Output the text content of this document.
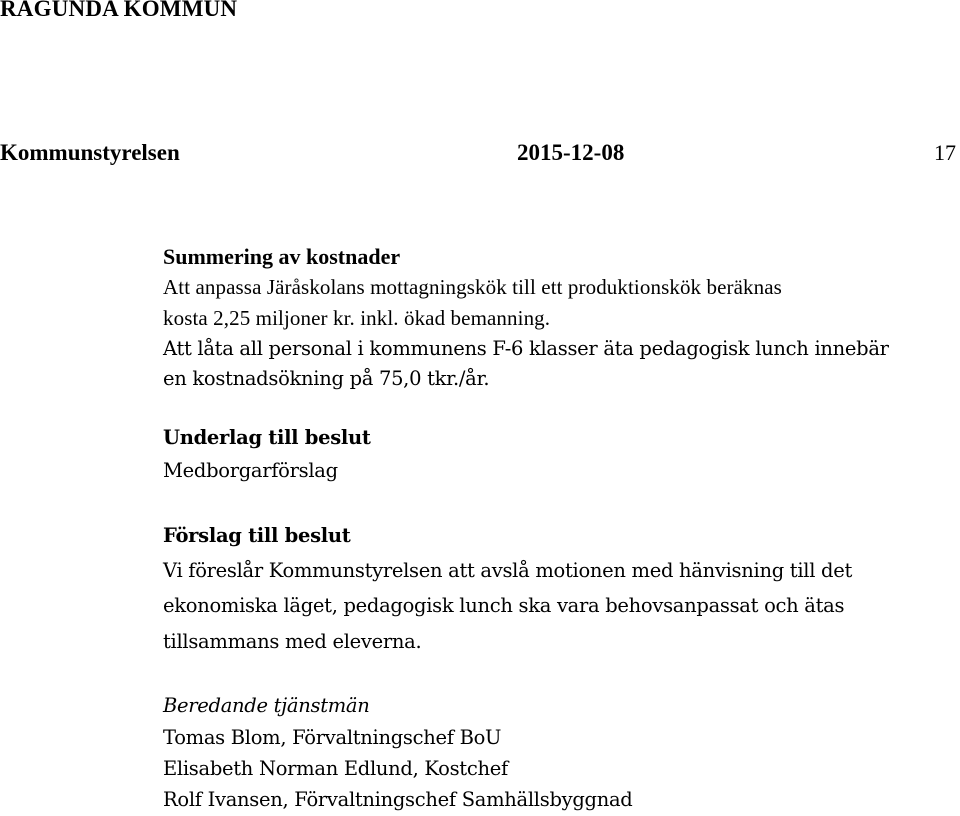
RAGUNDA KOMMUN
Kommunstyrelsen	2015-12-08	17
Summering av kostnader
Att anpassa Järåskolans mottagningskök till ett produktionskök beräknas
kosta 2,25 miljoner kr. inkl. ökad bemanning.
Att låta all personal i kommunens F-6 klasser äta pedagogisk lunch innebär
en kostnadsökning på 75,0 tkr./år.
Underlag till beslut
Medborgarförslag
Förslag till beslut
Vi föreslår Kommunstyrelsen att avslå motionen med hänvisning till det
ekonomiska läget, pedagogisk lunch ska vara behovsanpassat och ätas
tillsammans med eleverna.
Beredande tjänstmän
Tomas Blom, Förvaltningschef BoU
Elisabeth Norman Edlund, Kostchef
Rolf Ivansen, Förvaltningschef Samhällsbyggnad
